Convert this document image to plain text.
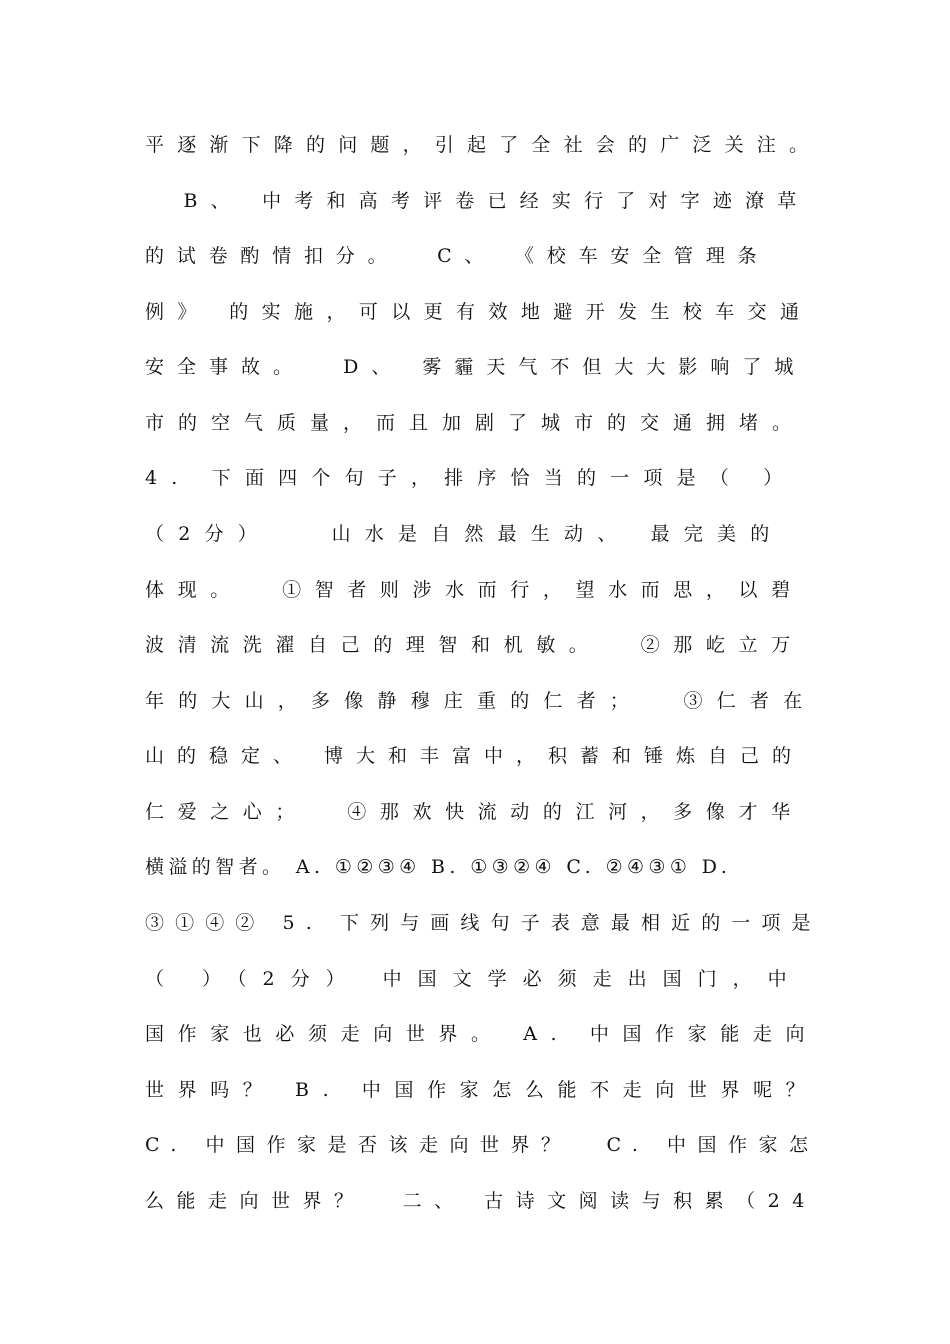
平逐渐下降的问题，引起了全社会的广泛关注。

B、 中考和高考评卷已经实行了对字迹潦草

的试卷酌情扣分。  C、 《校车安全管理条

例》 的实施，可以更有效地避开发生校车交通

安全事故。  D、 雾霾天气不但大大影响了城

市的空气质量，而且加剧了城市的交通拥堵。

4. 下面四个句子，排序恰当的一项是（ ）

（2分）   山水是自然最生动、 最完美的

体现。  ①智者则涉水而行，望水而思，以碧

波清流洗濯自己的理智和机敏。  ②那屹立万

年的大山，多像静穆庄重的仁者；  ③仁者在

山的稳定、 博大和丰富中，积蓄和锤炼自己的

仁爱之心；  ④那欢快流动的江河，多像才华

横溢的智者。 A. ①②③④ B. ①③②④ C. ②④③① D.

③①④② 5. 下列与画线句子表意最相近的一项是

（ ）（2分） 中国文学必须走出国门，中

国作家也必须走向世界。 A. 中国作家能走向

世界吗？ B. 中国作家怎么能不走向世界呢？

C. 中国作家是否该走向世界？  C. 中国作家怎

么能走向世界？  二、 古诗文阅读与积累（24
